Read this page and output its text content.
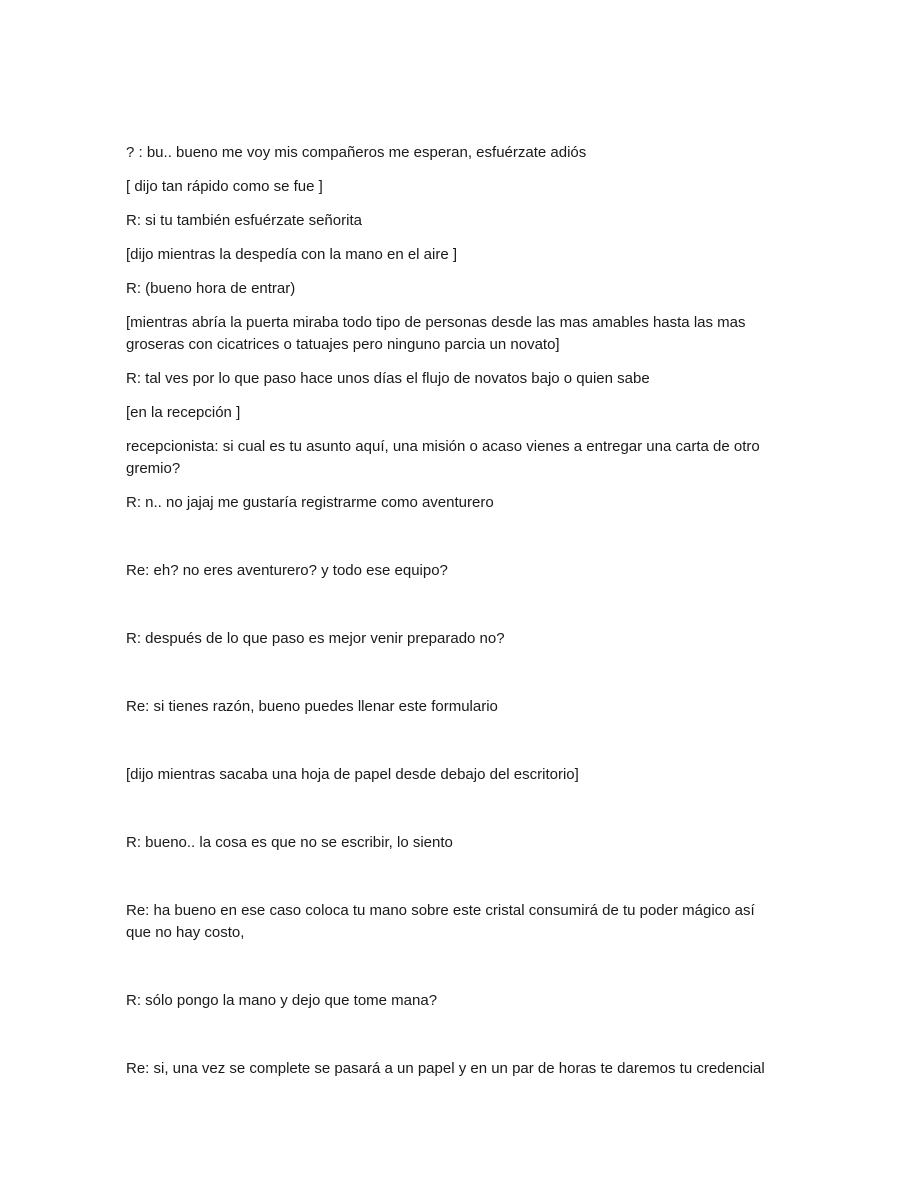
? : bu.. bueno me voy mis compañeros me esperan, esfuérzate adiós

[ dijo tan rápido como se fue ]

R: si tu también esfuérzate señorita

[dijo mientras la despedía con la mano en el aire ]

R: (bueno hora de entrar)

[mientras abría la puerta miraba todo tipo de personas desde las mas amables hasta las mas groseras con cicatrices o tatuajes pero ninguno parcia un novato]

R: tal ves por lo que paso hace unos días el flujo de novatos bajo o quien sabe

[en la recepción ]

recepcionista: si cual es tu asunto aquí, una misión o acaso vienes a entregar una carta de otro gremio?

R: n.. no jajaj me gustaría registrarme como aventurero

Re: eh? no eres aventurero? y todo ese equipo?

R: después de lo que paso es mejor venir preparado no?

Re: si tienes razón, bueno puedes llenar este formulario

[dijo mientras sacaba una hoja de papel desde debajo del escritorio]

R: bueno.. la cosa es que no se escribir, lo siento

Re: ha bueno en ese caso coloca tu mano sobre este cristal consumirá de tu poder mágico así que no hay costo,

R: sólo pongo la mano y dejo que tome mana?

Re: si, una vez se complete se pasará a un papel y en un par de horas te daremos tu credencial
